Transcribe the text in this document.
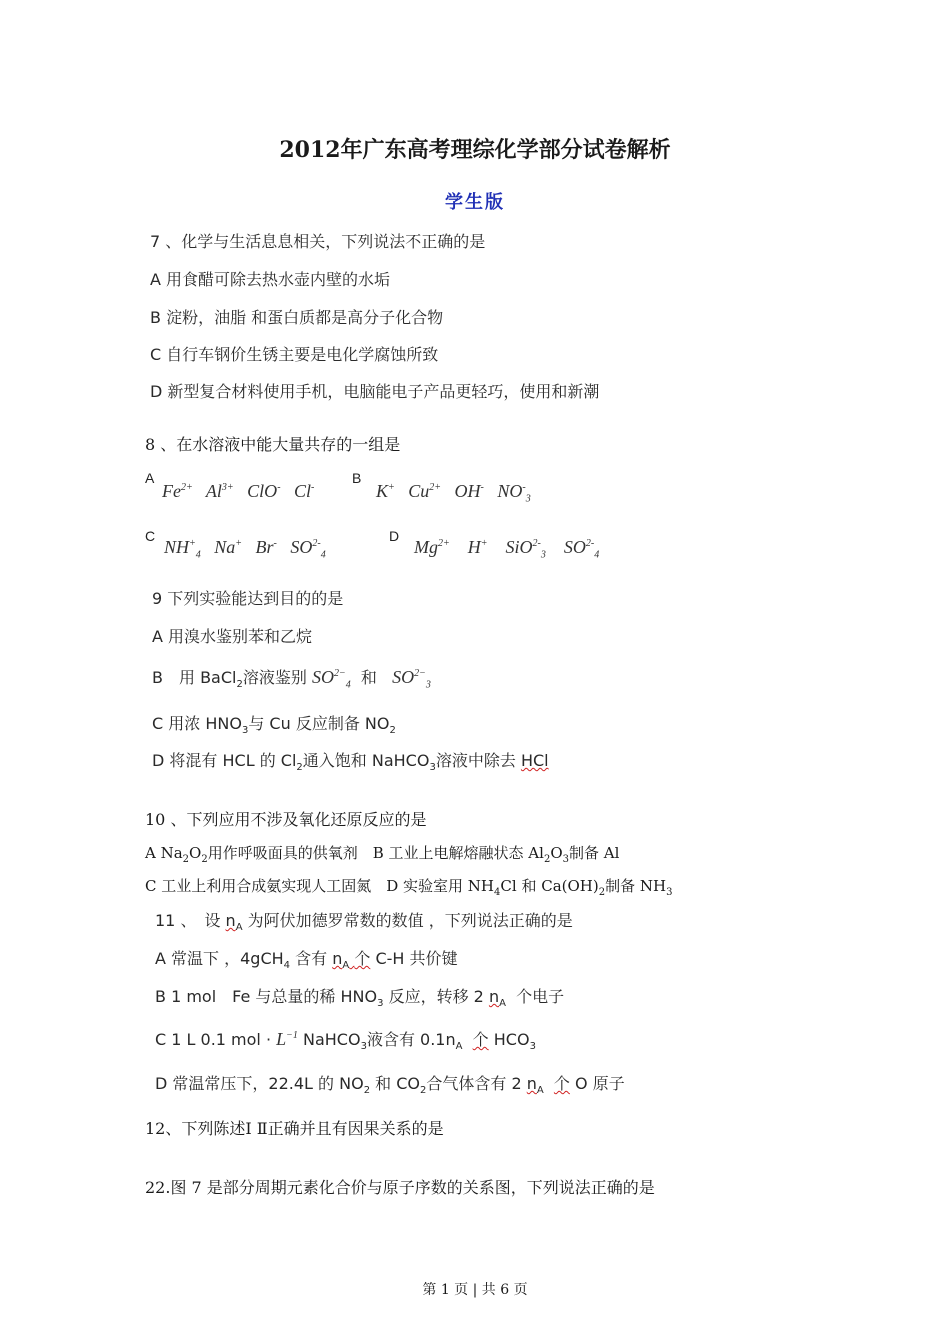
2012年广东高考理综化学部分试卷解析
学生版
7 、化学与生活息息相关，下列说法不正确的是
A 用食醋可除去热水壶内壁的水垢
B 淀粉，油脂 和蛋白质都是高分子化合物
C 自行车钢价生锈主要是电化学腐蚀所致
D 新型复合材料使用手机，电脑能电子产品更轻巧，使用和新潮
8 、在水溶液中能大量共存的一组是
A
$Fe^{2+}$ $Al^{3+}$ ClO- Cl-
B
K+ $Cu^{2+}$ OH- $NO^-_3$
C
$NH^+_4$ Na+ Br- $SO^{2-}_4$
D
$Mg^{2+}$ H+ SiO$^{2-}_3$ $SO^{2-}_4$
9 下列实验能达到目的的是
A 用溴水鉴别苯和乙烷
B　用 BaCl$_2$溶液鉴别 $SO^{2-}_4$ 和 $SO^{2-}_3$
C 用浓 $HNO_3$与 Cu 反应制备 $NO_2$
D 将混有 HCL 的 $Cl_2$通入饱和 NaHCO$_3$溶液中除去 HCl
10 、下列应用不涉及氧化还原反应的是
A $Na_2O_2$用作呼吸面具的供氧剂　B 工业上电解熔融状态 $Al_2O_3$制备 Al
C 工业上利用合成氨实现人工固氮　D 实验室用 $NH_4Cl$ 和 $Ca(OH)_2$制备 $NH_3$
11 、　设 $n_A$ 为阿伏加德罗常数的数值 ，下列说法正确的是
A 常温下 ，4gCH$_4$ 含有 $n_A$ 个 C-H 共价键
B 1 mol　Fe 与总量的稀 $HNO_3$ 反应，转移 2 $n_A$ 个电子
C 1 L 0.1 mol · $L^{-1}$ NaHCO$_3$液含有 $0.1n_A$ 个 $HCO_3$
D 常温常压下，22.4L 的 $NO_2$ 和 $CO_2$合气体含有 2 $n_A$ 个 O 原子
12、下列陈述Ⅰ Ⅱ正确并且有因果关系的是
22.图 7 是部分周期元素化合价与原子序数的关系图，下列说法正确的是
第 1 页 | 共 6 页
